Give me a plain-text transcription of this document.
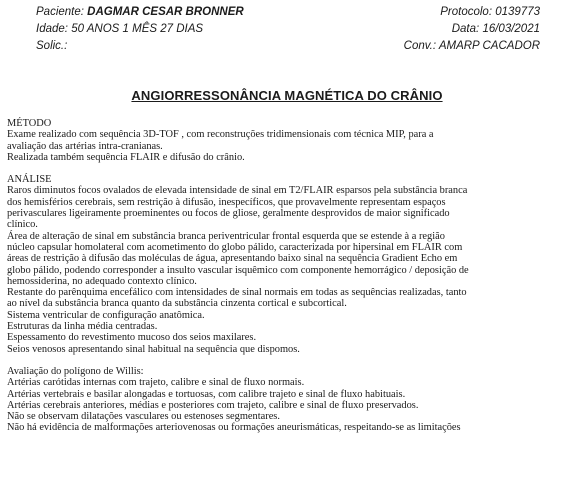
Paciente: DAGMAR CESAR BRONNER	Protocolo: 0139773
Idade: 50 ANOS 1 MÊS 27 DIAS	Data: 16/03/2021
Solic.:	Conv.: AMARP CACADOR
ANGIORRESSONÂNCIA MAGNÉTICA DO CRÂNIO

MÉTODO

Exame realizado com sequência 3D-TOF , com reconstruções tridimensionais com técnica MIP, para a

avaliação das artérias intra-cranianas.

Realizada também sequência FLAIR e difusão do crânio.

ANÁLISE

Raros diminutos focos ovalados de elevada intensidade de sinal em T2/FLAIR esparsos pela substância branca

dos hemisférios cerebrais, sem restrição à difusão, inespecíficos, que provavelmente representam espaços

perivasculares ligeiramente proeminentes ou focos de gliose, geralmente desprovidos de maior significado

clínico.

Área de alteração de sinal em substância branca periventricular frontal esquerda que se estende à a região

núcleo capsular homolateral com acometimento do globo pálido, caracterizada por hipersinal em FLAIR com

áreas de restrição à difusão das moléculas de água, apresentando baixo sinal na sequência Gradient Echo em

globo pálido, podendo corresponder a insulto vascular isquêmico com componente hemorrágico / deposição de

hemossiderina, no adequado contexto clínico.

Restante do parênquima encefálico com intensidades de sinal normais em todas as sequências realizadas, tanto

ao nível da substância branca quanto da substância cinzenta cortical e subcortical.

Sistema ventricular de configuração anatômica.

Estruturas da linha média centradas.

Espessamento do revestimento mucoso dos seios maxilares.

Seios venosos apresentando sinal habitual na sequência que dispomos.

Avaliação do polígono de Willis:

Artérias carótidas internas com trajeto, calibre e sinal de fluxo normais.

Artérias vertebrais e basilar alongadas e tortuosas, com calibre trajeto e sinal de fluxo habituais.

Artérias cerebrais anteriores, médias e posteriores com trajeto, calibre e sinal de fluxo preservados.

Não se observam dilatações vasculares ou estenoses segmentares.

Não há evidência de malformações arteriovenosas ou formações aneurismáticas, respeitando-se as limitações
